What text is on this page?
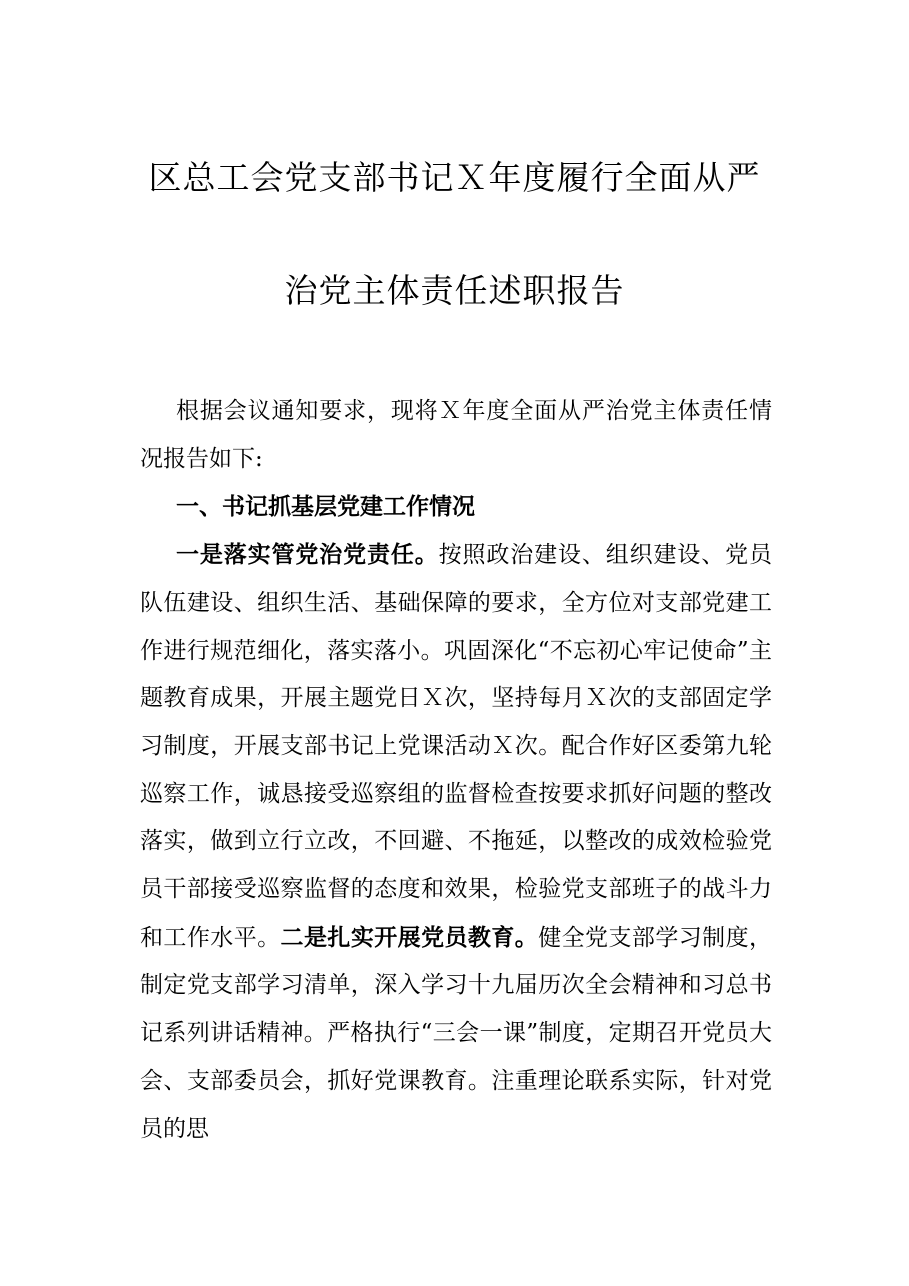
区总工会党支部书记Ｘ年度履行全面从严
治党主体责任述职报告

根据会议通知要求，现将Ｘ年度全面从严治党主体责任情况报告如下:

一、书记抓基层党建工作情况

一是落实管党治党责任。按照政治建设、组织建设、党员队伍建设、组织生活、基础保障的要求，全方位对支部党建工作进行规范细化，落实落小。巩固深化“不忘初心牢记使命”主题教育成果，开展主题党日Ｘ次，坚持每月Ｘ次的支部固定学习制度，开展支部书记上党课活动Ｘ次。配合作好区委第九轮巡察工作，诚恳接受巡察组的监督检查按要求抓好问题的整改落实，做到立行立改，不回避、不拖延，以整改的成效检验党员干部接受巡察监督的态度和效果，检验党支部班子的战斗力和工作水平。二是扎实开展党员教育。健全党支部学习制度，制定党支部学习清单，深入学习十九届历次全会精神和习总书记系列讲话精神。严格执行“三会一课”制度，定期召开党员大会、支部委员会，抓好党课教育。注重理论联系实际，针对党员的思
